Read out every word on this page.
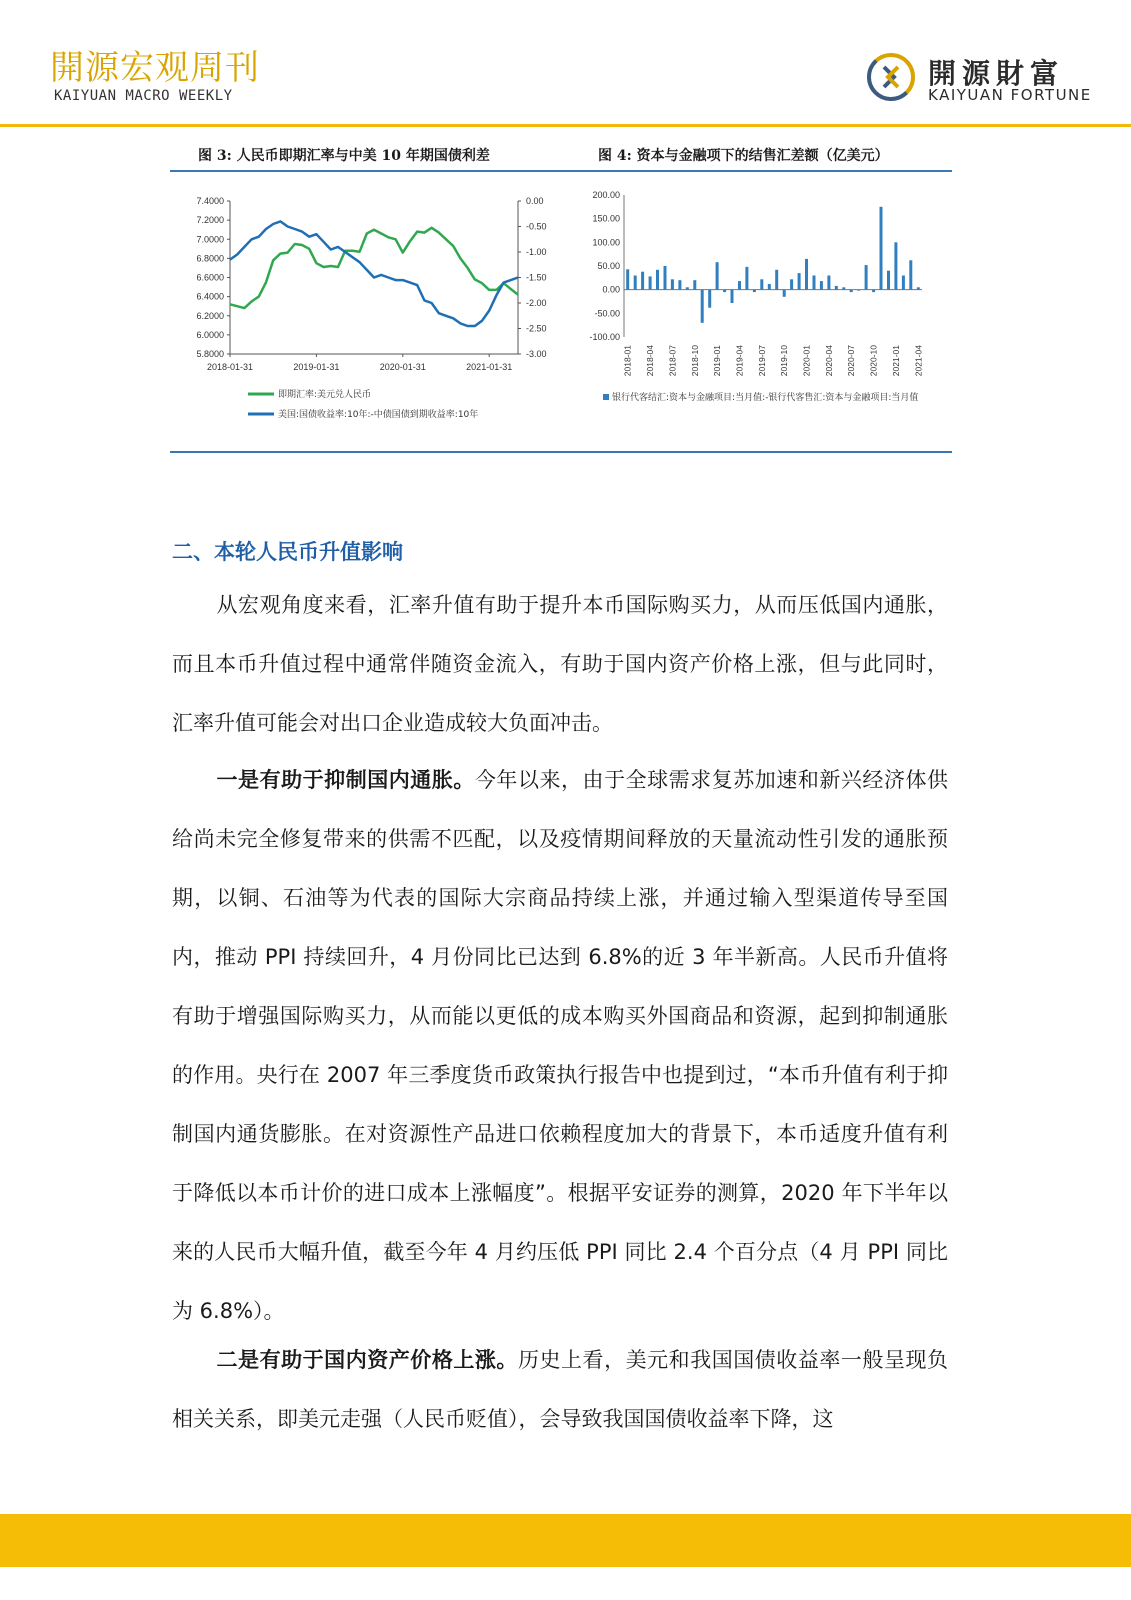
開源宏观周刊
KAIYUAN MACRO WEEKLY
開源財富
KAIYUAN FORTUNE
图 3: 人民币即期汇率与中美 10 年期国债利差	图 4: 资本与金融项下的结售汇差额（亿美元）
7.4000
7.2000
7.0000
6.8000
6.6000
6.4000
6.2000
6.0000
5.8000
0.00
-0.50
-1.00
-1.50
-2.00
-2.50
-3.00
2018-01-31	2019-01-31	2020-01-31	2021-01-31
即期汇率:美元兑人民币
美国:国债收益率:10年:-中债国债到期收益率:10年
200.00
150.00
100.00
50.00
0.00
-50.00
-100.00
2018-01 2018-04 2018-07 2018-10 2019-01 2019-04 2019-07 2019-10 2020-01 2020-04 2020-07 2020-10 2021-01 2021-04
银行代客结汇:资本与金融项目:当月值:-银行代客售汇:资本与金融项目:当月值
二、本轮人民币升值影响
从宏观角度来看，汇率升值有助于提升本币国际购买力，从而压低国内通胀，而且本币升值过程中通常伴随资金流入，有助于国内资产价格上涨，但与此同时，汇率升值可能会对出口企业造成较大负面冲击。
一是有助于抑制国内通胀。今年以来，由于全球需求复苏加速和新兴经济体供给尚未完全修复带来的供需不匹配，以及疫情期间释放的天量流动性引发的通胀预期，以铜、石油等为代表的国际大宗商品持续上涨，并通过输入型渠道传导至国内，推动 PPI 持续回升，4 月份同比已达到 6.8%的近 3 年半新高。人民币升值将有助于增强国际购买力，从而能以更低的成本购买外国商品和资源，起到抑制通胀的作用。央行在 2007 年三季度货币政策执行报告中也提到过，“本币升值有利于抑制国内通货膨胀。在对资源性产品进口依赖程度加大的背景下，本币适度升值有利于降低以本币计价的进口成本上涨幅度”。根据平安证券的测算，2020 年下半年以来的人民币大幅升值，截至今年 4 月约压低 PPI 同比 2.4 个百分点（4 月 PPI 同比为 6.8%）。
二是有助于国内资产价格上涨。历史上看，美元和我国国债收益率一般呈现负相关关系，即美元走强（人民币贬值），会导致我国国债收益率下降，这
